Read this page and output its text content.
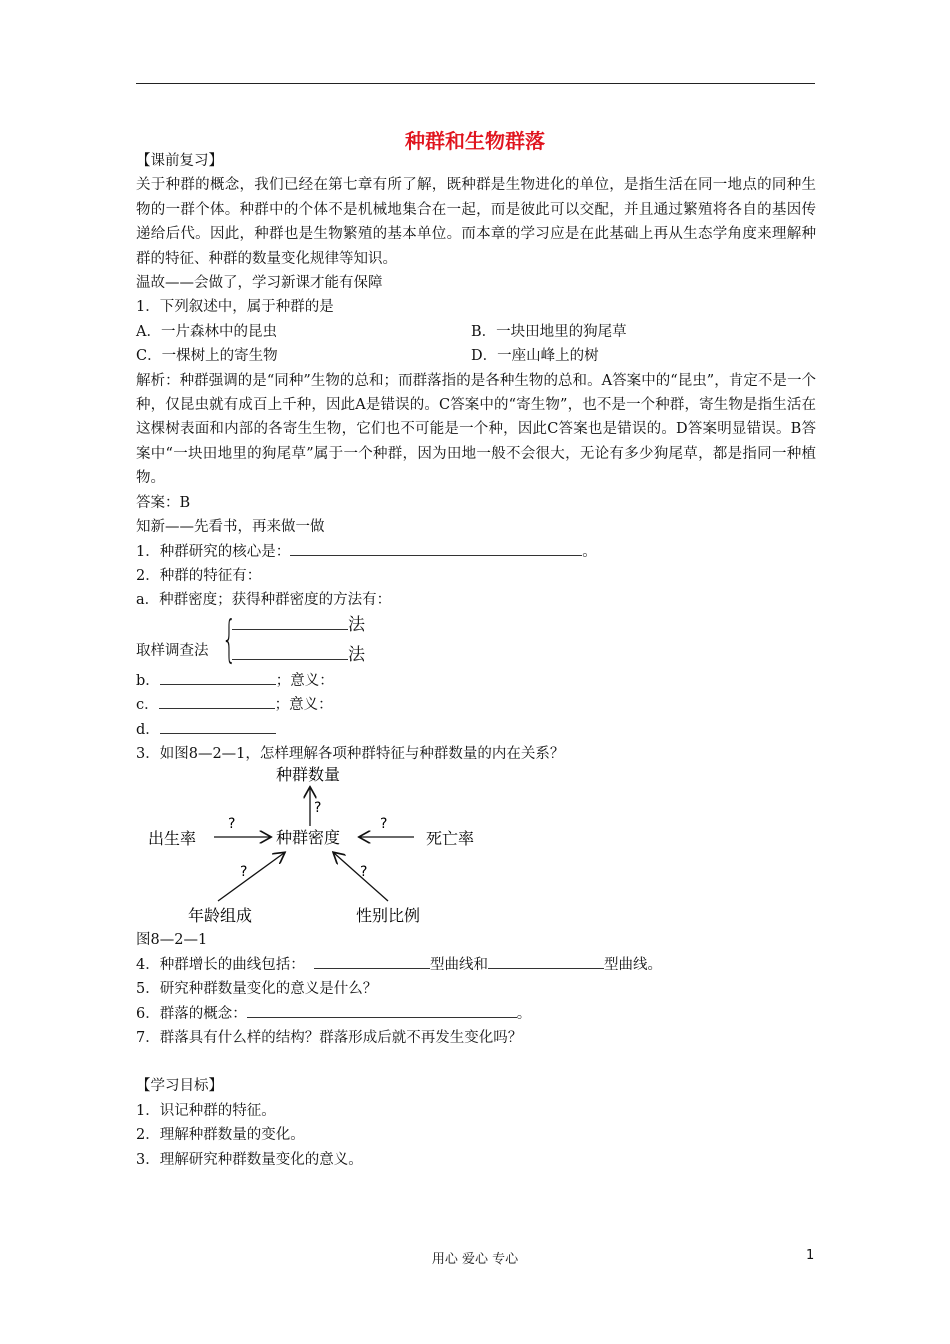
种群和生物群落
【课前复习】
关于种群的概念，我们已经在第七章有所了解，既种群是生物进化的单位，是指生活在同一地点的同种生物的一群个体。种群中的个体不是机械地集合在一起，而是彼此可以交配，并且通过繁殖将各自的基因传递给后代。因此，种群也是生物繁殖的基本单位。而本章的学习应是在此基础上再从生态学角度来理解种群的特征、种群的数量变化规律等知识。
温故——会做了，学习新课才能有保障
1．下列叙述中，属于种群的是
A．一片森林中的昆虫	B．一块田地里的狗尾草
C．一棵树上的寄生物	D．一座山峰上的树
解析：种群强调的是“同种”生物的总和；而群落指的是各种生物的总和。A答案中的“昆虫”，肯定不是一个种，仅昆虫就有成百上千种，因此A是错误的。C答案中的“寄生物”，也不是一个种群，寄生物是指生活在这棵树表面和内部的各寄生生物，它们也不可能是一个种，因此C答案也是错误的。D答案明显错误。B答案中“一块田地里的狗尾草”属于一个种群，因为田地一般不会很大，无论有多少狗尾草，都是指同一种植物。
答案：B
知新——先看书，再来做一做
1．种群研究的核心是：	。
2．种群的特征有：
a．种群密度；获得种群密度的方法有：
取样调查法 {	法
法
b．	；意义：
c．	；意义：
d．
3．如图8—2—1，怎样理解各项种群特征与种群数量的内在关系？
种群数量
种群密度
出生率	死亡率
年龄组成	性别比例
?
?	?
?	?
图8—2—1
4．种群增长的曲线包括：	型曲线和	型曲线。
5．研究种群数量变化的意义是什么？
6．群落的概念：	。
7．群落具有什么样的结构？群落形成后就不再发生变化吗？
【学习目标】
1．识记种群的特征。
2．理解种群数量的变化。
3．理解研究种群数量变化的意义。
用心 爱心 专心	1
